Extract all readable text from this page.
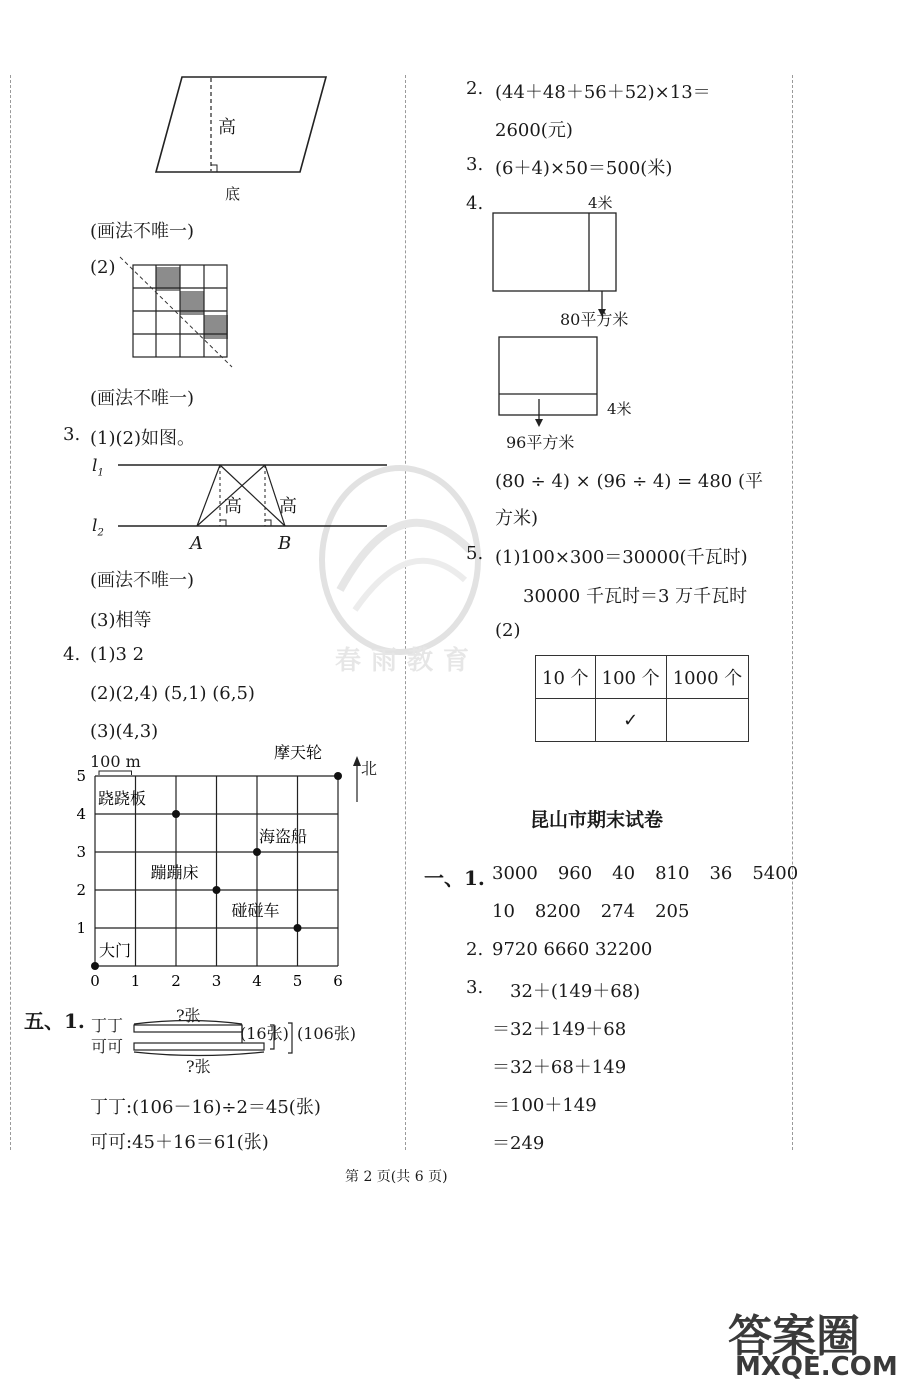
春雨教育
高
底
(画法不唯一)
(2)
(画法不唯一)
3. (1)(2)如图。
$l_1$
$l_2$
高 高
A	B
(画法不唯一)
(3)相等
4. (1)3 2
(2)(2,4) (5,1) (6,5)
(3)(4,3)
0 1 2 3 4 5 6
1
2
3
4
5
跷跷板
摩天轮
海盗船
蹦蹦床
碰碰车
大门
100 m	北
五、1. 丁丁
可可
?张
?张
(16张) (106张)
丁丁:(106－16)÷2＝45(张)
可可:45＋16＝61(张)
2. (44＋48＋56＋52)×13＝
2600(元)
3. (6＋4)×50＝500(米)
4.	4米
80平方米
4米
96平方米
(80 ÷ 4) × (96 ÷ 4) = 480 (平
方米)
5. (1)100×300＝30000(千瓦时)
30000 千瓦时＝3 万千瓦时
(2)
10 个	100 个	1000 个
	✓	
昆山市期末试卷
一、1. 3000 960 40 810 36 5400
10 8200 274 205
2. 9720 6660 32200
3. 32＋(149＋68)
＝32＋149＋68
＝32＋68＋149
＝100＋149
＝249
第 2 页(共 6 页)
答案圈
MXQE.COM
